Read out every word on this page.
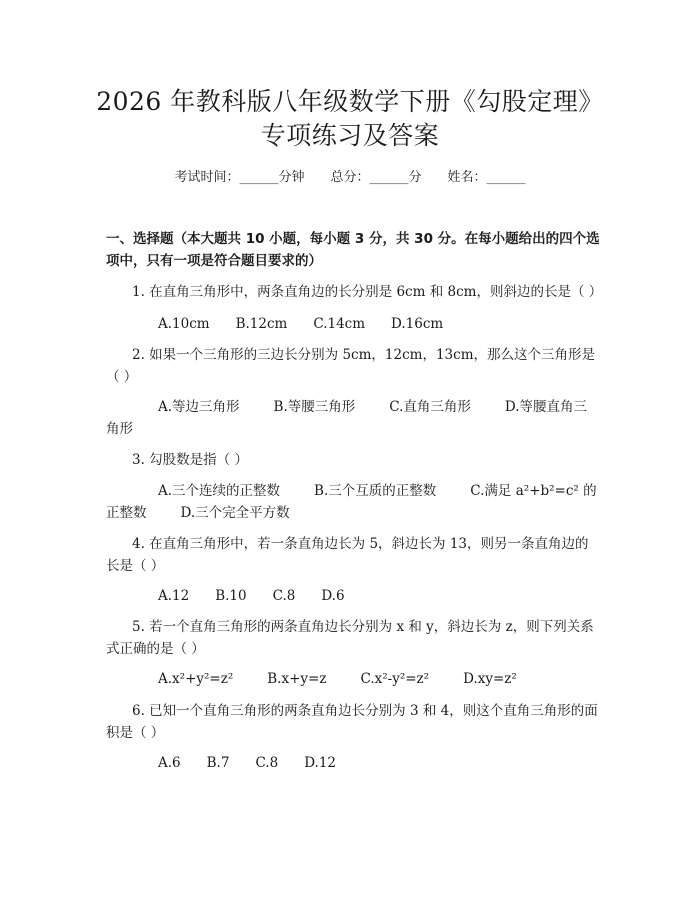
2026 年教科版八年级数学下册《勾股定理》
专项练习及答案
考试时间：______分钟 总分：______分 姓名：______
一、选择题（本大题共 10 小题，每小题 3 分，共 30 分。在每小题给出的四个选项中，只有一项是符合题目要求的）
1. 在直角三角形中，两条直角边的长分别是 6cm 和 8cm，则斜边的长是（ ）
A.10cm B.12cm C.14cm D.16cm
2. 如果一个三角形的三边长分别为 5cm，12cm，13cm，那么这个三角形是（ ）
A.等边三角形	B.等腰三角形	C.直角三角形	D.等腰直角三角形
3. 勾股数是指（ ）
A.三个连续的正整数	B.三个互质的正整数	C.满足 a²+b²=c² 的正整数	D.三个完全平方数
4. 在直角三角形中，若一条直角边长为 5，斜边长为 13，则另一条直角边的长是（ ）
A.12 B.10 C.8 D.6
5. 若一个直角三角形的两条直角边长分别为 x 和 y，斜边长为 z，则下列关系式正确的是（ ）
A.x²+y²=z²	B.x+y=z	C.x²-y²=z²	D.xy=z²
6. 已知一个直角三角形的两条直角边长分别为 3 和 4，则这个直角三角形的面积是（ ）
A.6 B.7 C.8 D.12
